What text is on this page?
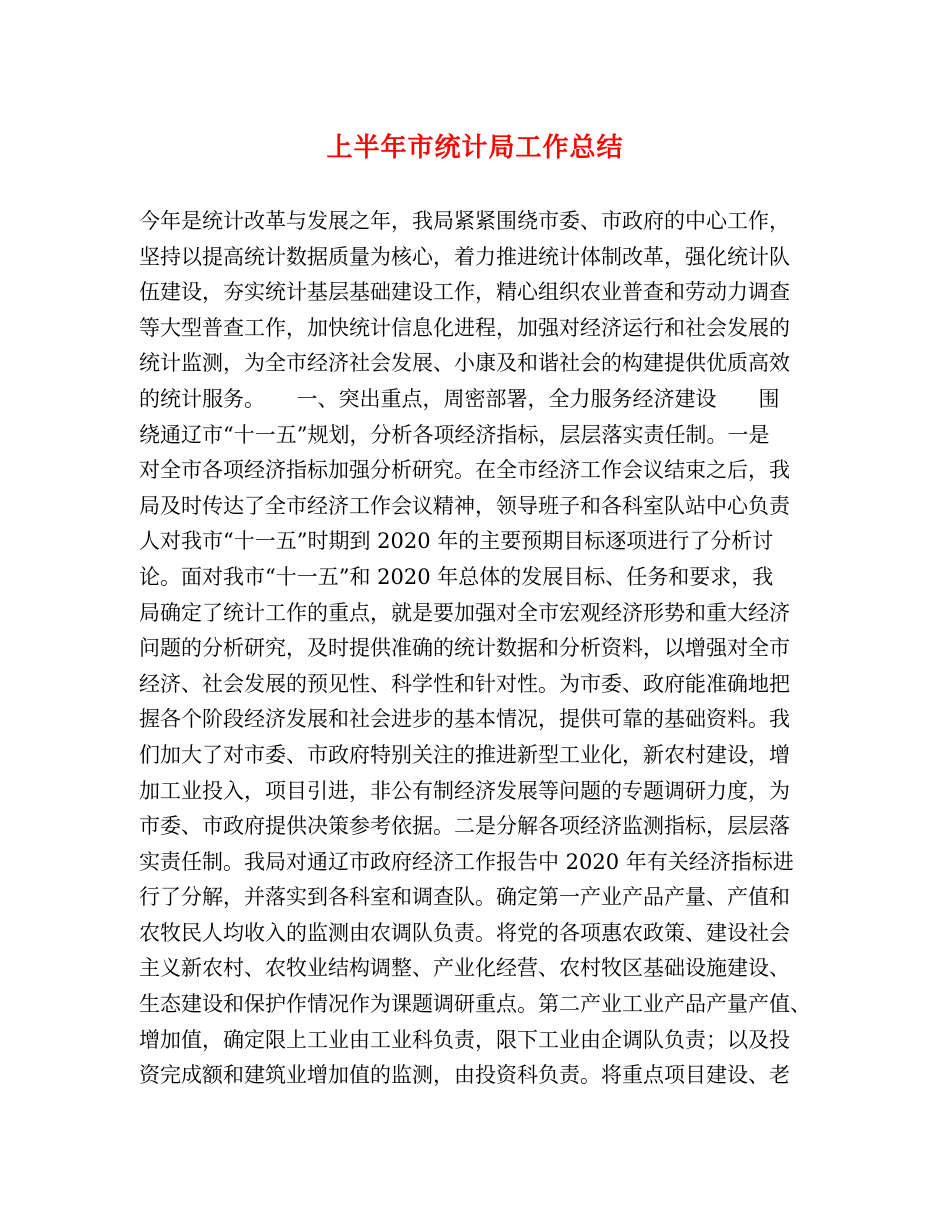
上半年市统计局工作总结
今年是统计改革与发展之年，我局紧紧围绕市委、市政府的中心工作，
坚持以提高统计数据质量为核心，着力推进统计体制改革，强化统计队
伍建设，夯实统计基层基础建设工作，精心组织农业普查和劳动力调查
等大型普查工作，加快统计信息化进程，加强对经济运行和社会发展的
统计监测，为全市经济社会发展、小康及和谐社会的构建提供优质高效
的统计服务。　　一、突出重点，周密部署，全力服务经济建设　　围
绕通辽市“十一五”规划，分析各项经济指标，层层落实责任制。一是
对全市各项经济指标加强分析研究。在全市经济工作会议结束之后，我
局及时传达了全市经济工作会议精神，领导班子和各科室队站中心负责
人对我市“十一五”时期到 2020 年的主要预期目标逐项进行了分析讨
论。面对我市“十一五”和 2020 年总体的发展目标、任务和要求，我
局确定了统计工作的重点，就是要加强对全市宏观经济形势和重大经济
问题的分析研究，及时提供准确的统计数据和分析资料，以增强对全市
经济、社会发展的预见性、科学性和针对性。为市委、政府能准确地把
握各个阶段经济发展和社会进步的基本情况，提供可靠的基础资料。我
们加大了对市委、市政府特别关注的推进新型工业化，新农村建设，增
加工业投入，项目引进，非公有制经济发展等问题的专题调研力度，为
市委、市政府提供决策参考依据。二是分解各项经济监测指标，层层落
实责任制。我局对通辽市政府经济工作报告中 2020 年有关经济指标进
行了分解，并落实到各科室和调查队。确定第一产业产品产量、产值和
农牧民人均收入的监测由农调队负责。将党的各项惠农政策、建设社会
主义新农村、农牧业结构调整、产业化经营、农村牧区基础设施建设、
生态建设和保护作情况作为课题调研重点。第二产业工业产品产量产值、
增加值，确定限上工业由工业科负责，限下工业由企调队负责；以及投
资完成额和建筑业增加值的监测，由投资科负责。将重点项目建设、老
